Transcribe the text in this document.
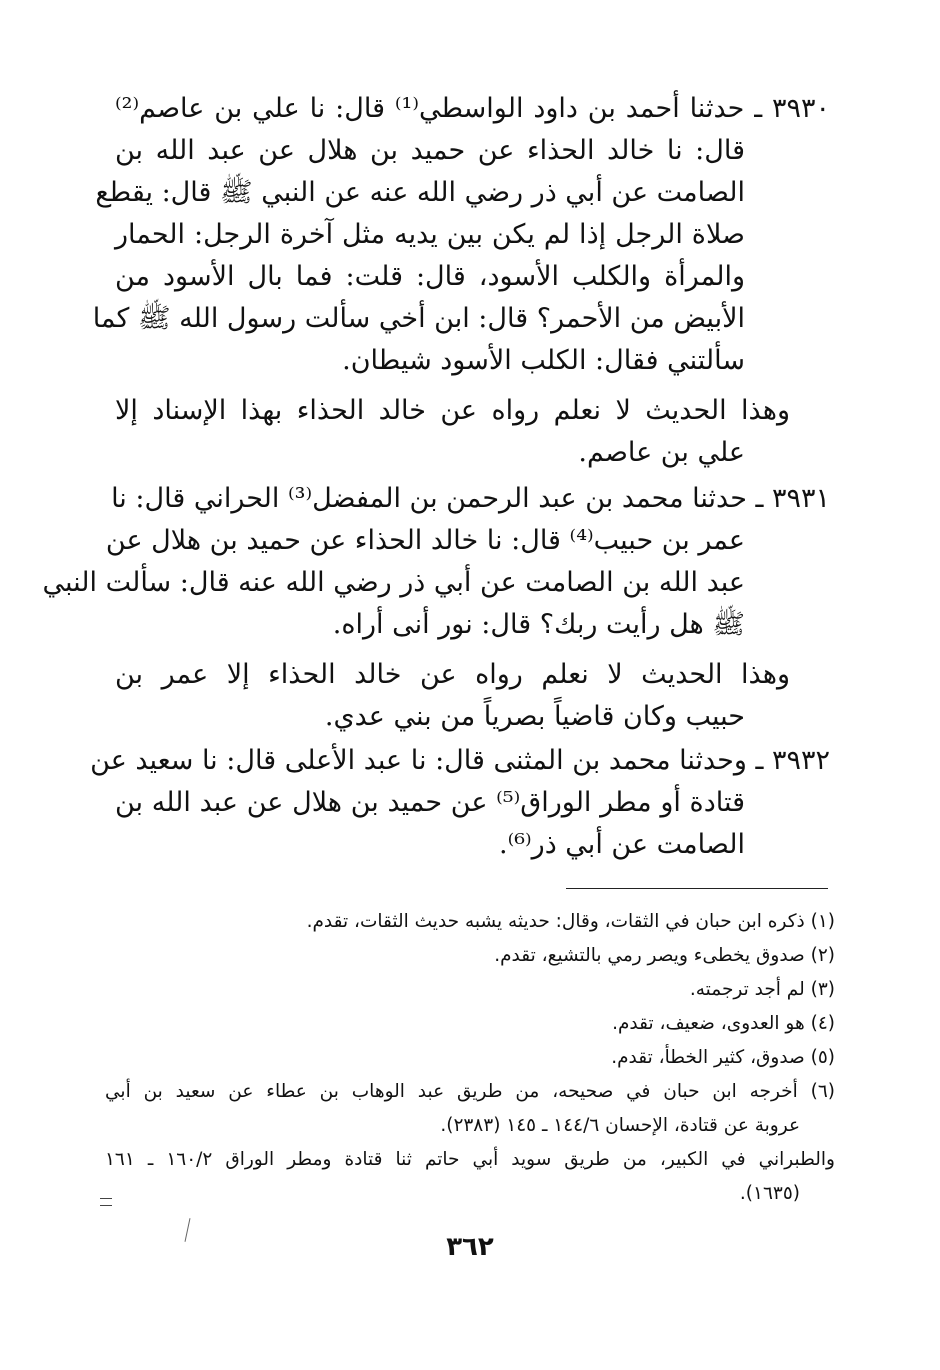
٣٩٣٠ ـ حدثنا أحمد بن داود الواسطي⁽¹⁾ قال: نا علي بن عاصم⁽²⁾
قال: نا خالد الحذاء عن حميد بن هلال عن عبد الله بن
الصامت عن أبي ذر رضي الله عنه عن النبي ﷺ قال: يقطع
صلاة الرجل إذا لم يكن بين يديه مثل آخرة الرجل: الحمار
والمرأة والكلب الأسود، قال: قلت: فما بال الأسود من
الأبيض من الأحمر؟ قال: ابن أخي سألت رسول الله ﷺ كما
سألتني فقال: الكلب الأسود شيطان.
وهذا الحديث لا نعلم رواه عن خالد الحذاء بهذا الإسناد إلا
علي بن عاصم.
٣٩٣١ ـ حدثنا محمد بن عبد الرحمن بن المفضل⁽³⁾ الحراني قال: نا
عمر بن حبيب⁽⁴⁾ قال: نا خالد الحذاء عن حميد بن هلال عن
عبد الله بن الصامت عن أبي ذر رضي الله عنه قال: سألت النبي
ﷺ هل رأيت ربك؟ قال: نور أنى أراه.
وهذا الحديث لا نعلم رواه عن خالد الحذاء إلا عمر بن
حبيب وكان قاضياً بصرياً من بني عدي.
٣٩٣٢ ـ وحدثنا محمد بن المثنى قال: نا عبد الأعلى قال: نا سعيد عن
قتادة أو مطر الوراق⁽⁵⁾ عن حميد بن هلال عن عبد الله بن
الصامت عن أبي ذر⁽⁶⁾.
(١) ذكره ابن حبان في الثقات، وقال: حديثه يشبه حديث الثقات، تقدم.
(٢) صدوق يخطىء ويصر رمي بالتشيع، تقدم.
(٣) لم أجد ترجمته.
(٤) هو العدوى، ضعيف، تقدم.
(٥) صدوق، كثير الخطأ، تقدم.
(٦) أخرجه ابن حبان في صحيحه، من طريق عبد الوهاب بن عطاء عن سعيد بن أبي
عروبة عن قتادة، الإحسان ١٤٤/٦ ـ ١٤٥ (٢٣٨٣).
والطبراني في الكبير، من طريق سويد أبي حاتم ثنا قتادة ومطر الوراق ١٦٠/٢ ـ ١٦١
(١٦٣٥).
٣٦٢
